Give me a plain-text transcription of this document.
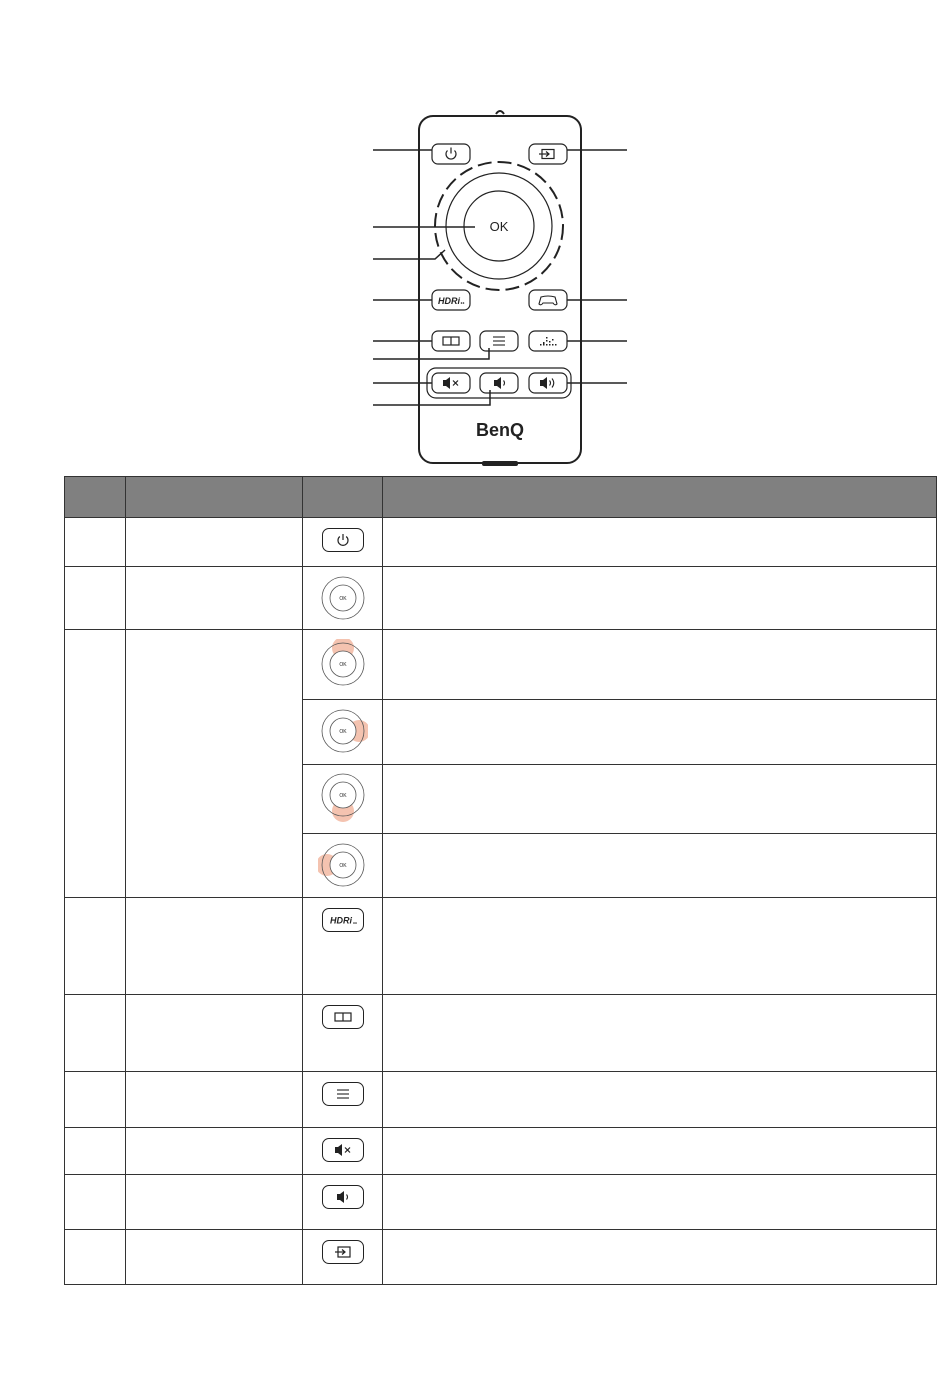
OK
HDRi
BenQ

OK	

OK	

OK	

OK	

OK	

HDRi	
